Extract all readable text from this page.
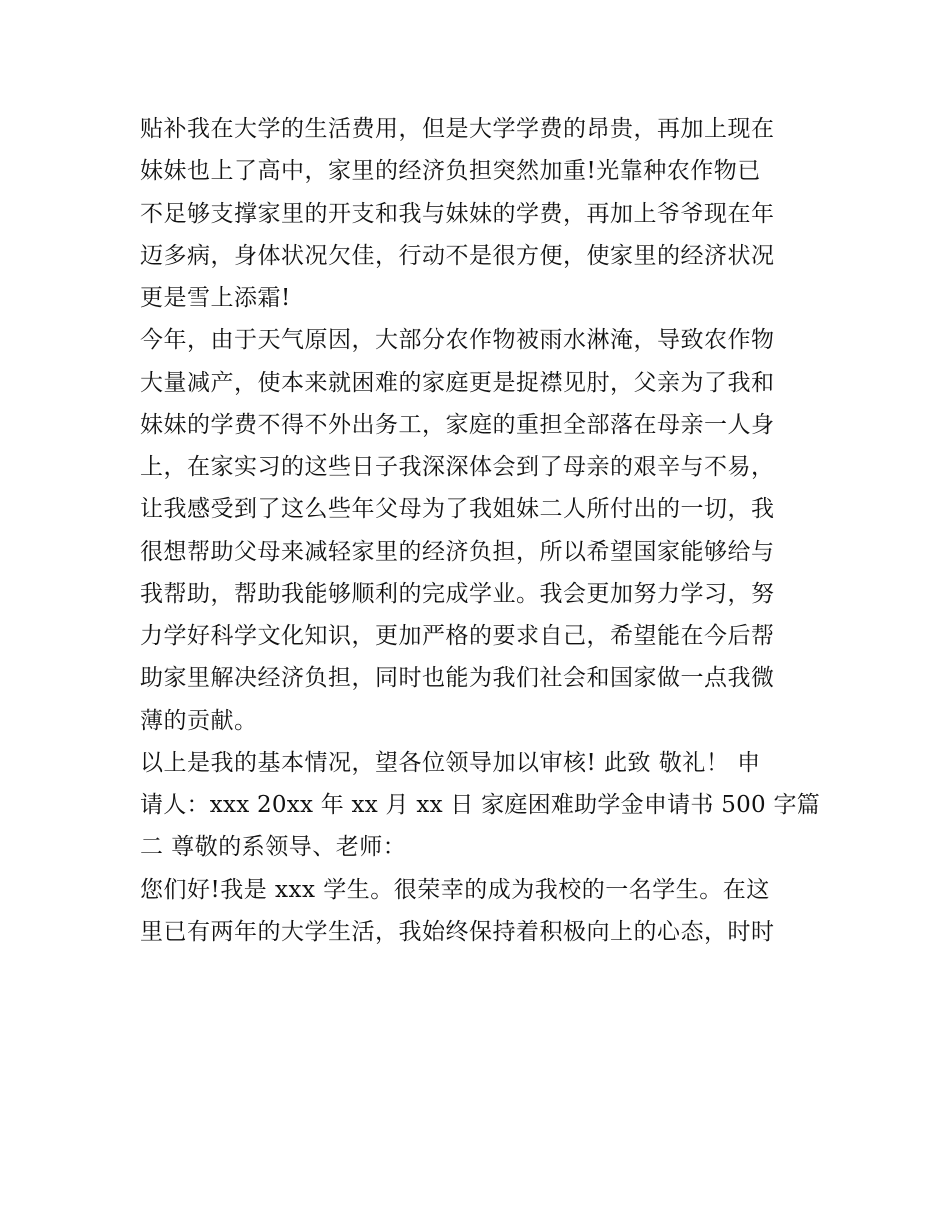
贴补我在大学的生活费用，但是大学学费的昂贵，再加上现在
妹妹也上了高中，家里的经济负担突然加重!光靠种农作物已
不足够支撑家里的开支和我与妹妹的学费，再加上爷爷现在年
迈多病，身体状况欠佳，行动不是很方便，使家里的经济状况
更是雪上添霜!
今年，由于天气原因，大部分农作物被雨水淋淹，导致农作物
大量减产，使本来就困难的家庭更是捉襟见肘，父亲为了我和
妹妹的学费不得不外出务工，家庭的重担全部落在母亲一人身
上，在家实习的这些日子我深深体会到了母亲的艰辛与不易，
让我感受到了这么些年父母为了我姐妹二人所付出的一切，我
很想帮助父母来减轻家里的经济负担，所以希望国家能够给与
我帮助，帮助我能够顺利的完成学业。我会更加努力学习，努
力学好科学文化知识，更加严格的要求自己，希望能在今后帮
助家里解决经济负担，同时也能为我们社会和国家做一点我微
薄的贡献。
以上是我的基本情况，望各位领导加以审核! 此致 敬礼！ 申
请人：xxx 20xx 年 xx 月 xx 日 家庭困难助学金申请书 500 字篇
二 尊敬的系领导、老师：
您们好!我是 xxx 学生。很荣幸的成为我校的一名学生。在这
里已有两年的大学生活，我始终保持着积极向上的心态，时时
